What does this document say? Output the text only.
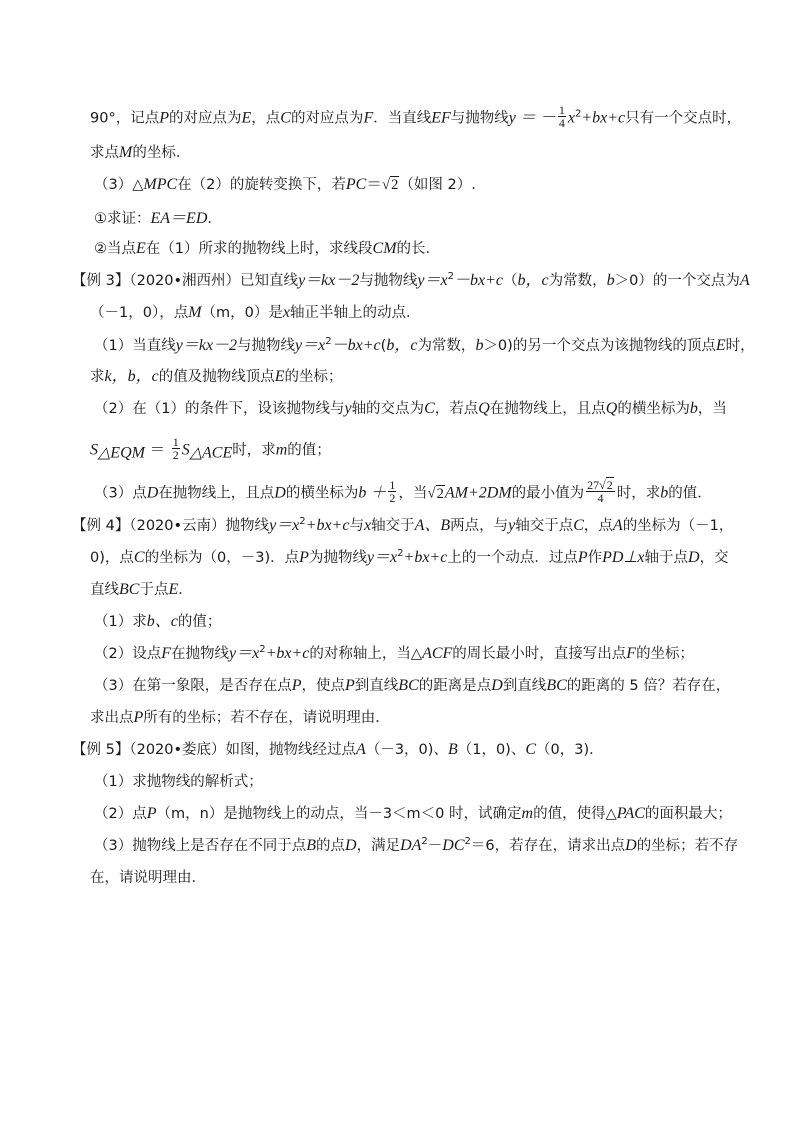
90°，记点P的对应点为E，点C的对应点为F．当直线EF与抛物线y ＝ － $\frac{1}{4} x^2+bx+c$只有一个交点时，
求点M的坐标．
（3）△MPC在（2）的旋转变换下，若PC＝√2（如图 2）.
①求证：EA＝ED．
②当点E在（1）所求的抛物线上时，求线段CM的长．
【例 3】（2020•湘西州）已知直线y＝kx－2与抛物线$y=x^2-bx+c(b$，c为常数，b＞0）的一个交点为A
（－1，0），点M（m，0）是x轴正半轴上的动点．
（1）当直线y＝kx－2与抛物线$y=x^2-bx+c(b$，c为常数，b＞0)的另一个交点为该抛物线的顶点E时，
求k，b，c的值及抛物线顶点E的坐标；
（2）在（1）的条件下，设该抛物线与y轴的交点为C，若点Q在抛物线上，且点Q的横坐标为b，当
$S_{\triangle EQM} = \frac{1}{2} S_{\triangle ACE}$时，求m的值；
（3）点D在抛物线上，且点D的横坐标为$b + \frac{1}{2}$ ，当√2AM+2DM的最小值为 $\frac{27√2}{4}$ 时，求b的值．
【例 4】（2020•云南）抛物线$y=x^2+bx+c$与x轴交于A、B两点，与y轴交于点C，点A的坐标为（－1，
0)，点C的坐标为（0，－3)．点P为抛物线$y=x^2+bx+c$上的一个动点．过点P作PD⊥x轴于点D，交
直线BC于点E．
（1）求b、c的值；
（2）设点F在抛物线$y=x^2+bx+c$的对称轴上，当△ACF的周长最小时，直接写出点F的坐标；
（3）在第一象限，是否存在点P，使点P到直线BC的距离是点D到直线BC的距离的 5 倍？若存在，
求出点P所有的坐标；若不存在，请说明理由．
【例 5】（2020•娄底）如图，抛物线经过点A（－3，0)、B（1，0)、C（0，3)．
（1）求抛物线的解析式；
（2）点P（m，n）是抛物线上的动点，当－3＜m＜0 时，试确定m的值，使得△PAC的面积最大；
（3）抛物线上是否存在不同于点B的点D，满足$DA^2-DC^2=6$，若存在，请求出点D的坐标；若不存
在，请说明理由．
